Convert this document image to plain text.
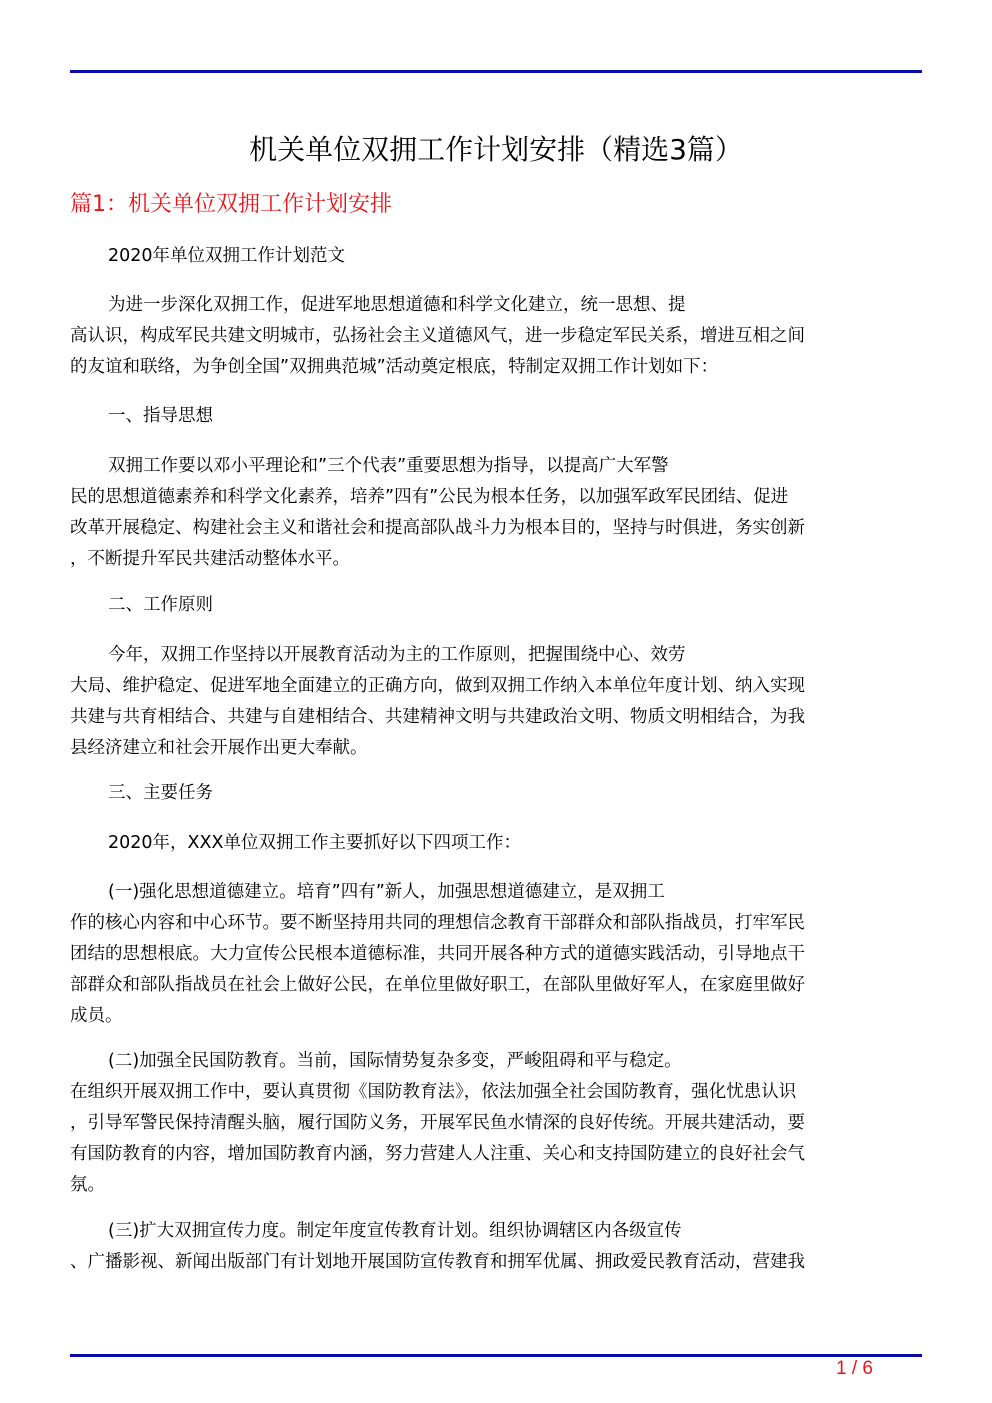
机关单位双拥工作计划安排（精选3篇）
篇1：机关单位双拥工作计划安排
2020年单位双拥工作计划范文
为进一步深化双拥工作，促进军地思想道德和科学文化建立，统一思想、提
高认识，构成军民共建文明城市，弘扬社会主义道德风气，进一步稳定军民关系，增进互相之间
的友谊和联络，为争创全国”双拥典范城”活动奠定根底，特制定双拥工作计划如下：
一、指导思想
双拥工作要以邓小平理论和”三个代表”重要思想为指导，以提高广大军警
民的思想道德素养和科学文化素养，培养”四有”公民为根本任务，以加强军政军民团结、促进
改革开展稳定、构建社会主义和谐社会和提高部队战斗力为根本目的，坚持与时俱进，务实创新
，不断提升军民共建活动整体水平。
二、工作原则
今年，双拥工作坚持以开展教育活动为主的工作原则，把握围绕中心、效劳
大局、维护稳定、促进军地全面建立的正确方向，做到双拥工作纳入本单位年度计划、纳入实现
共建与共育相结合、共建与自建相结合、共建精神文明与共建政治文明、物质文明相结合，为我
县经济建立和社会开展作出更大奉献。
三、主要任务
2020年，XXX单位双拥工作主要抓好以下四项工作：
(一)强化思想道德建立。培育”四有”新人，加强思想道德建立，是双拥工
作的核心内容和中心环节。要不断坚持用共同的理想信念教育干部群众和部队指战员，打牢军民
团结的思想根底。大力宣传公民根本道德标准，共同开展各种方式的道德实践活动，引导地点干
部群众和部队指战员在社会上做好公民，在单位里做好职工，在部队里做好军人，在家庭里做好
成员。
(二)加强全民国防教育。当前，国际情势复杂多变，严峻阻碍和平与稳定。
在组织开展双拥工作中，要认真贯彻《国防教育法》，依法加强全社会国防教育，强化忧患认识
，引导军警民保持清醒头脑，履行国防义务，开展军民鱼水情深的良好传统。开展共建活动，要
有国防教育的内容，增加国防教育内涵，努力营建人人注重、关心和支持国防建立的良好社会气
氛。
(三)扩大双拥宣传力度。制定年度宣传教育计划。组织协调辖区内各级宣传
、广播影视、新闻出版部门有计划地开展国防宣传教育和拥军优属、拥政爱民教育活动，营建我
1 / 6
